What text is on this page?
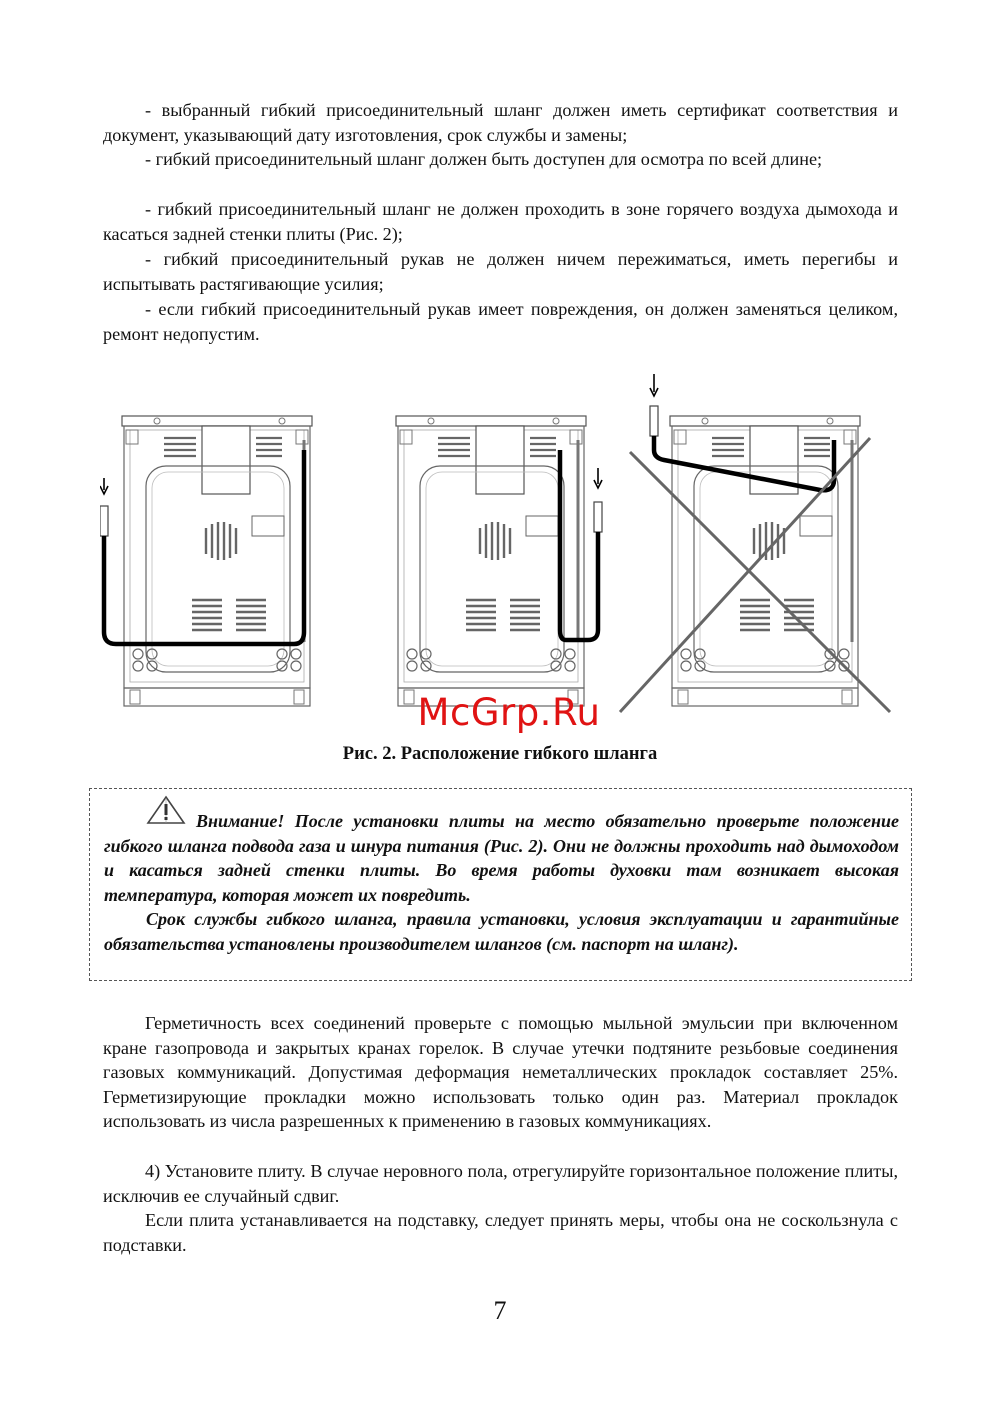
- выбранный гибкий присоединительный шланг должен иметь сертификат соответствия и документ, указывающий дату изготовления, срок службы и замены;

- гибкий присоединительный шланг должен быть доступен для осмотра по всей длине;

- гибкий присоединительный шланг не должен проходить в зоне горячего воздуха дымохода и касаться задней стенки плиты (Рис. 2);

- гибкий присоединительный рукав не должен ничем пережиматься, иметь перегибы и испытывать растягивающие усилия;

- если гибкий присоединительный рукав имеет повреждения, он должен заменяться целиком, ремонт недопустим.

McGrp.Ru
Рис. 2. Расположение гибкого шланга
Внимание! После установки плиты на место обязательно проверьте положение гибкого шланга подвода газа и шнура питания (Рис. 2). Они не должны проходить над дымоходом и касаться задней стенки плиты. Во время работы духовки там возникает высокая температура, которая может их повредить.
Срок службы гибкого шланга, правила установки, условия эксплуатации и гарантийные обязательства установлены производителем шлангов (см. паспорт на шланг).

Герметичность всех соединений проверьте с помощью мыльной эмульсии при включенном кране газопровода и закрытых кранах горелок. В случае утечки подтяните резьбовые соединения газовых коммуникаций. Допустимая деформация неметаллических прокладок составляет 25%. Герметизирующие прокладки можно использовать только один раз. Материал прокладок использовать из числа разрешенных к применению в газовых коммуникациях.

4) Установите плиту. В случае неровного пола, отрегулируйте горизонтальное положение плиты, исключив ее случайный сдвиг.

Если плита устанавливается на подставку, следует принять меры, чтобы она не соскользнула с подставки.

7
